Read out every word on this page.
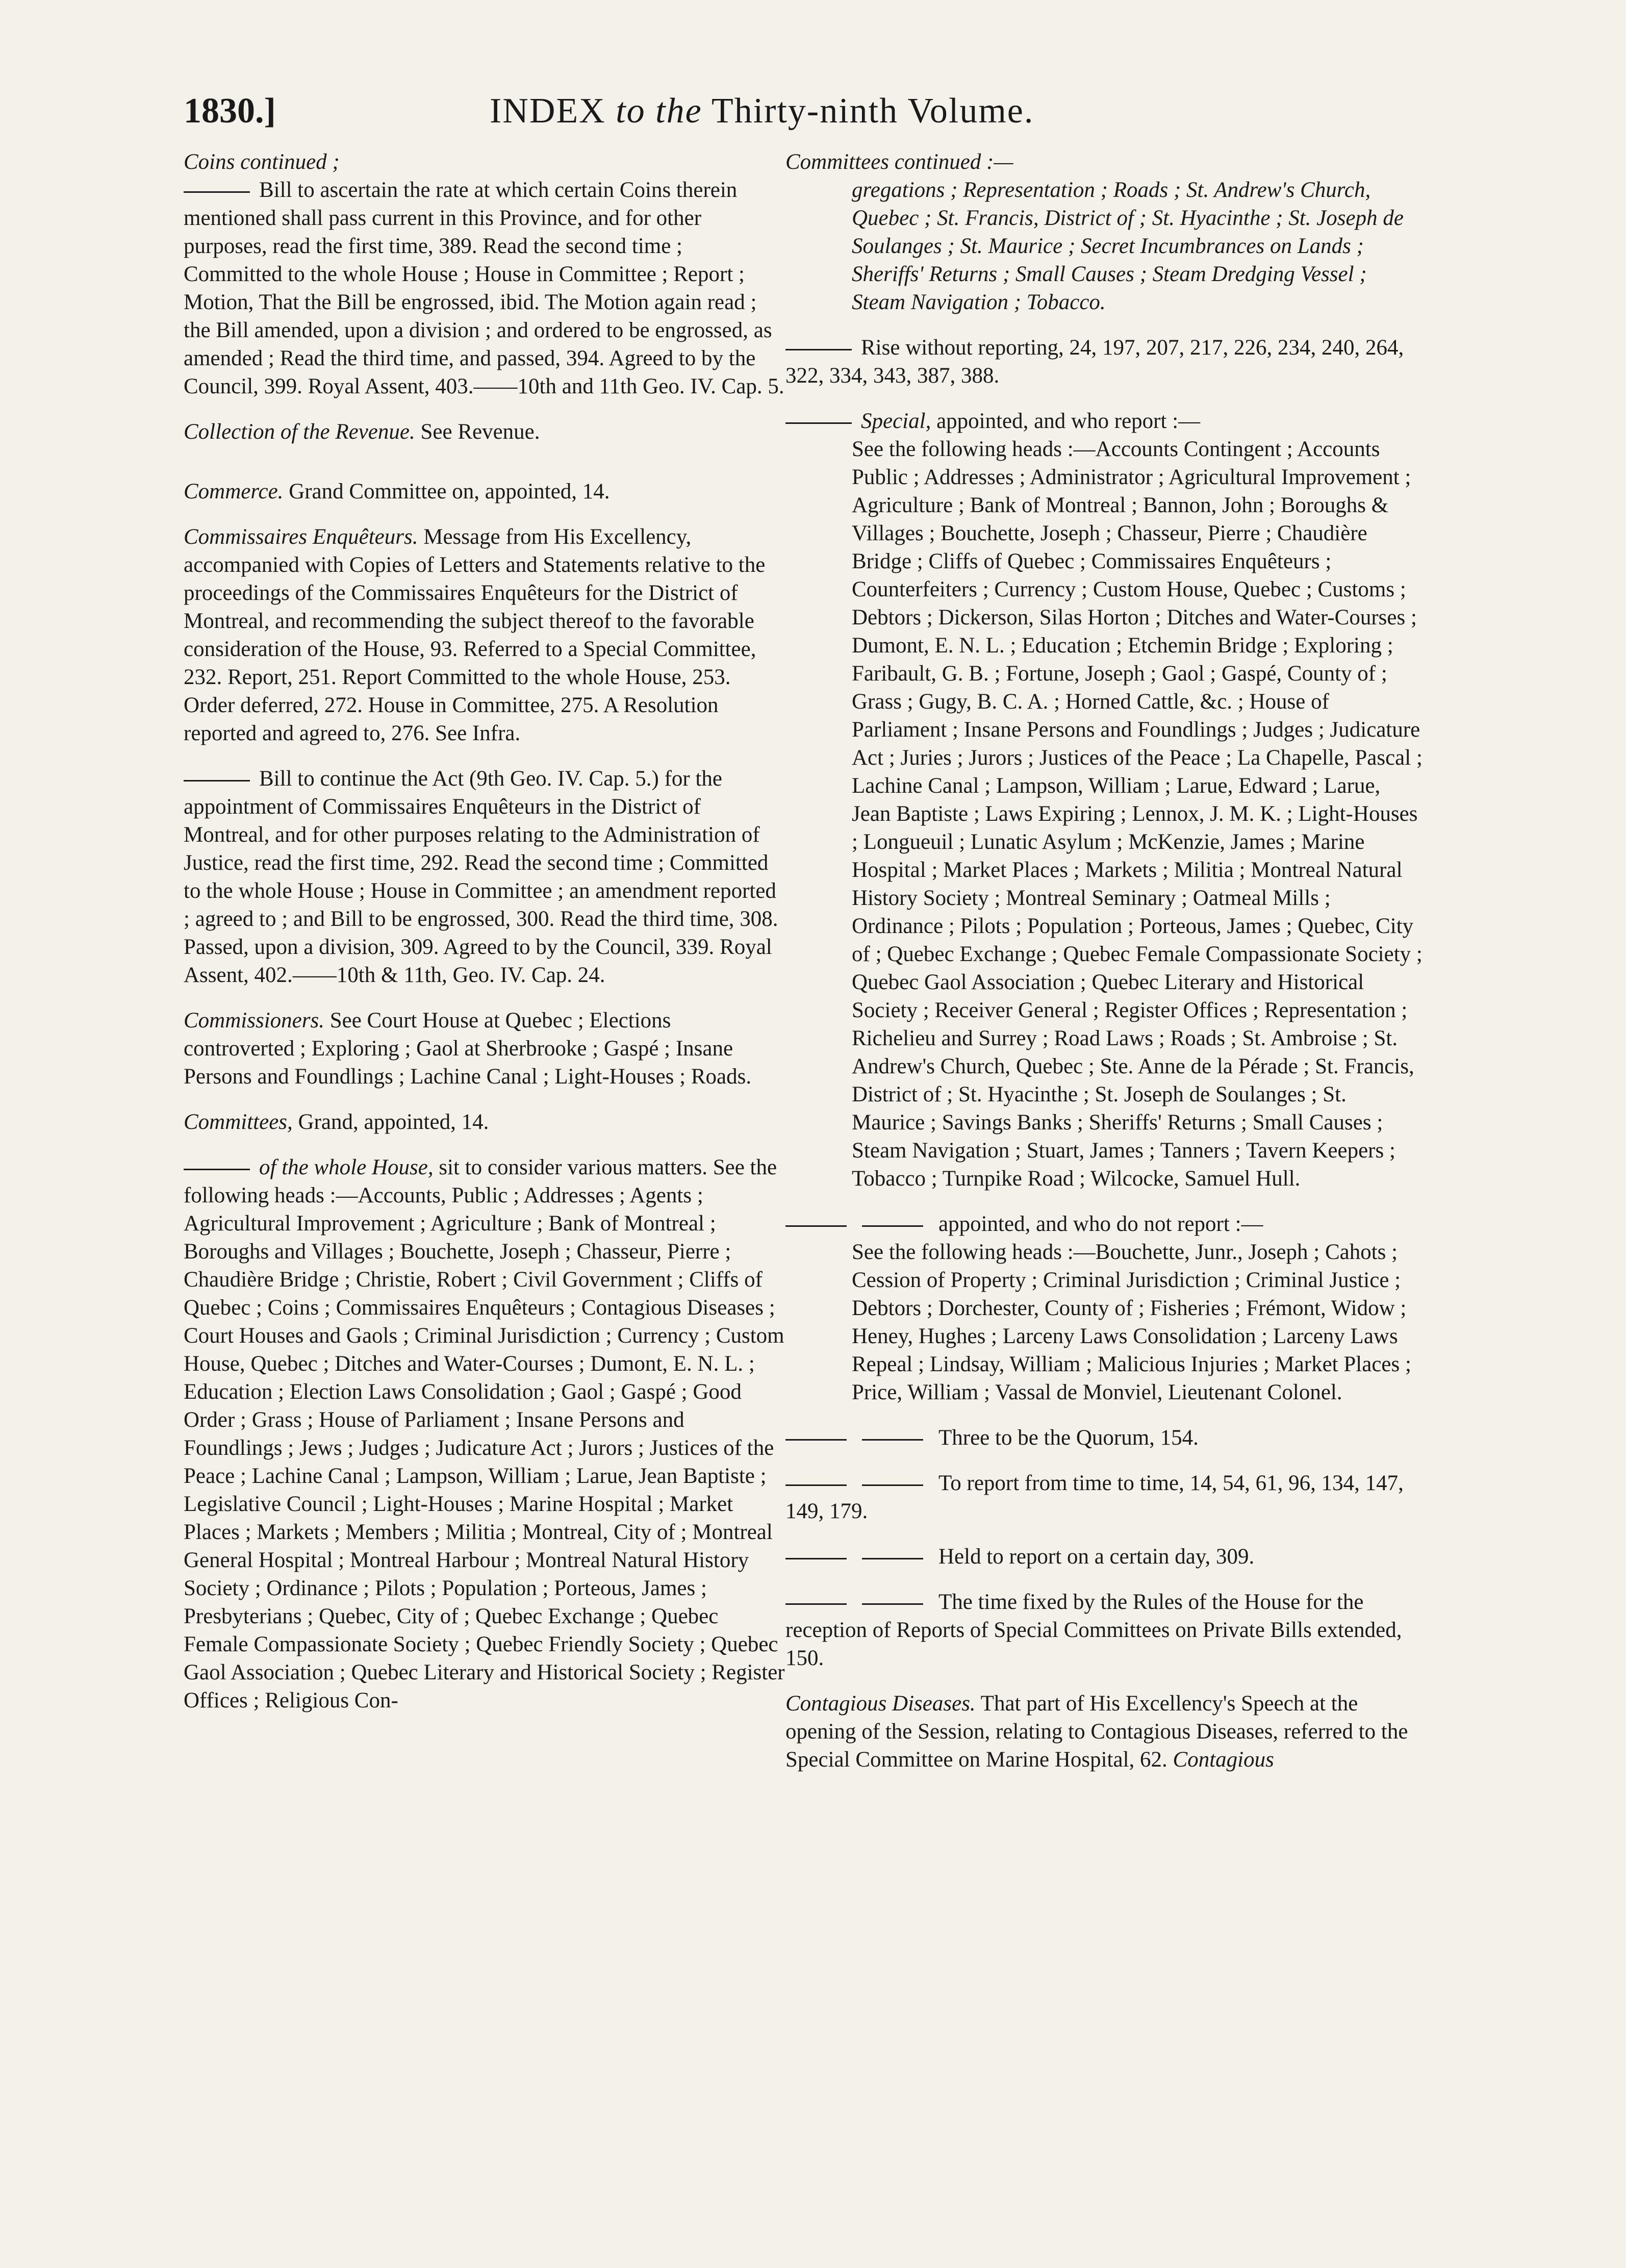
1830.]	INDEX to the Thirty-ninth Volume.
Coins continued ;
Bill to ascertain the rate at which certain Coins therein mentioned shall pass current in this Province, and for other purposes, read the first time, 389. Read the second time ; Committed to the whole House ; House in Committee ; Report ; Motion, That the Bill be engrossed, ibid. The Motion again read ; the Bill amended, upon a division ; and ordered to be engrossed, as amended ; Read the third time, and passed, 394. Agreed to by the Council, 399. Royal Assent, 403.——10th and 11th Geo. IV. Cap. 5.
Collection of the Revenue. See Revenue.
Commerce. Grand Committee on, appointed, 14.
Commissaires Enquêteurs. Message from His Excellency, accompanied with Copies of Letters and Statements relative to the proceedings of the Commissaires Enquêteurs for the District of Montreal, and recommending the subject thereof to the favorable consideration of the House, 93. Referred to a Special Committee, 232. Report, 251. Report Committed to the whole House, 253. Order deferred, 272. House in Committee, 275. A Resolution reported and agreed to, 276. See Infra.
Bill to continue the Act (9th Geo. IV. Cap. 5.) for the appointment of Commissaires Enquêteurs in the District of Montreal, and for other purposes relating to the Administration of Justice, read the first time, 292. Read the second time ; Committed to the whole House ; House in Committee ; an amendment reported ; agreed to ; and Bill to be engrossed, 300. Read the third time, 308. Passed, upon a division, 309. Agreed to by the Council, 339. Royal Assent, 402.——10th & 11th, Geo. IV. Cap. 24.
Commissioners. See Court House at Quebec ; Elections controverted ; Exploring ; Gaol at Sherbrooke ; Gaspé ; Insane Persons and Foundlings ; Lachine Canal ; Light-Houses ; Roads.
Committees, Grand, appointed, 14.
of the whole House, sit to consider various matters. See the following heads :—Accounts, Public ; Addresses ; Agents ; Agricultural Improvement ; Agriculture ; Bank of Montreal ; Boroughs and Villages ; Bouchette, Joseph ; Chasseur, Pierre ; Chaudière Bridge ; Christie, Robert ; Civil Government ; Cliffs of Quebec ; Coins ; Commissaires Enquêteurs ; Contagious Diseases ; Court Houses and Gaols ; Criminal Jurisdiction ; Currency ; Custom House, Quebec ; Ditches and Water-Courses ; Dumont, E. N. L. ; Education ; Election Laws Consolidation ; Gaol ; Gaspé ; Good Order ; Grass ; House of Parliament ; Insane Persons and Foundlings ; Jews ; Judges ; Judicature Act ; Jurors ; Justices of the Peace ; Lachine Canal ; Lampson, William ; Larue, Jean Baptiste ; Legislative Council ; Light-Houses ; Marine Hospital ; Market Places ; Markets ; Members ; Militia ; Montreal, City of ; Montreal General Hospital ; Montreal Harbour ; Montreal Natural History Society ; Ordinance ; Pilots ; Population ; Porteous, James ; Presbyterians ; Quebec, City of ; Quebec Exchange ; Quebec Female Compassionate Society ; Quebec Friendly Society ; Quebec Gaol Association ; Quebec Literary and Historical Society ; Register Offices ; Religious Con-
Committees continued :—
gregations ; Representation ; Roads ; St. Andrew's Church, Quebec ; St. Francis, District of ; St. Hyacinthe ; St. Joseph de Soulanges ; St. Maurice ; Secret Incumbrances on Lands ; Sheriffs' Returns ; Small Causes ; Steam Dredging Vessel ; Steam Navigation ; Tobacco.
Rise without reporting, 24, 197, 207, 217, 226, 234, 240, 264, 322, 334, 343, 387, 388.
Special, appointed, and who report :—
See the following heads :—Accounts Contingent ; Accounts Public ; Addresses ; Administrator ; Agricultural Improvement ; Agriculture ; Bank of Montreal ; Bannon, John ; Boroughs & Villages ; Bouchette, Joseph ; Chasseur, Pierre ; Chaudière Bridge ; Cliffs of Quebec ; Commissaires Enquêteurs ; Counterfeiters ; Currency ; Custom House, Quebec ; Customs ; Debtors ; Dickerson, Silas Horton ; Ditches and Water-Courses ; Dumont, E. N. L. ; Education ; Etchemin Bridge ; Exploring ; Faribault, G. B. ; Fortune, Joseph ; Gaol ; Gaspé, County of ; Grass ; Gugy, B. C. A. ; Horned Cattle, &c. ; House of Parliament ; Insane Persons and Foundlings ; Judges ; Judicature Act ; Juries ; Jurors ; Justices of the Peace ; La Chapelle, Pascal ; Lachine Canal ; Lampson, William ; Larue, Edward ; Larue, Jean Baptiste ; Laws Expiring ; Lennox, J. M. K. ; Light-Houses ; Longueuil ; Lunatic Asylum ; McKenzie, James ; Marine Hospital ; Market Places ; Markets ; Militia ; Montreal Natural History Society ; Montreal Seminary ; Oatmeal Mills ; Ordinance ; Pilots ; Population ; Porteous, James ; Quebec, City of ; Quebec Exchange ; Quebec Female Compassionate Society ; Quebec Gaol Association ; Quebec Literary and Historical Society ; Receiver General ; Register Offices ; Representation ; Richelieu and Surrey ; Road Laws ; Roads ; St. Ambroise ; St. Andrew's Church, Quebec ; Ste. Anne de la Pérade ; St. Francis, District of ; St. Hyacinthe ; St. Joseph de Soulanges ; St. Maurice ; Savings Banks ; Sheriffs' Returns ; Small Causes ; Steam Navigation ; Stuart, James ; Tanners ; Tavern Keepers ; Tobacco ; Turnpike Road ; Wilcocke, Samuel Hull.
appointed, and who do not report :—
See the following heads :—Bouchette, Junr., Joseph ; Cahots ; Cession of Property ; Criminal Jurisdiction ; Criminal Justice ; Debtors ; Dorchester, County of ; Fisheries ; Frémont, Widow ; Heney, Hughes ; Larceny Laws Consolidation ; Larceny Laws Repeal ; Lindsay, William ; Malicious Injuries ; Market Places ; Price, William ; Vassal de Monviel, Lieutenant Colonel.
Three to be the Quorum, 154.
To report from time to time, 14, 54, 61, 96, 134, 147, 149, 179.
Held to report on a certain day, 309.
The time fixed by the Rules of the House for the reception of Reports of Special Committees on Private Bills extended, 150.
Contagious Diseases. That part of His Excellency's Speech at the opening of the Session, relating to Contagious Diseases, referred to the Special Committee on Marine Hospital, 62. Contagious
